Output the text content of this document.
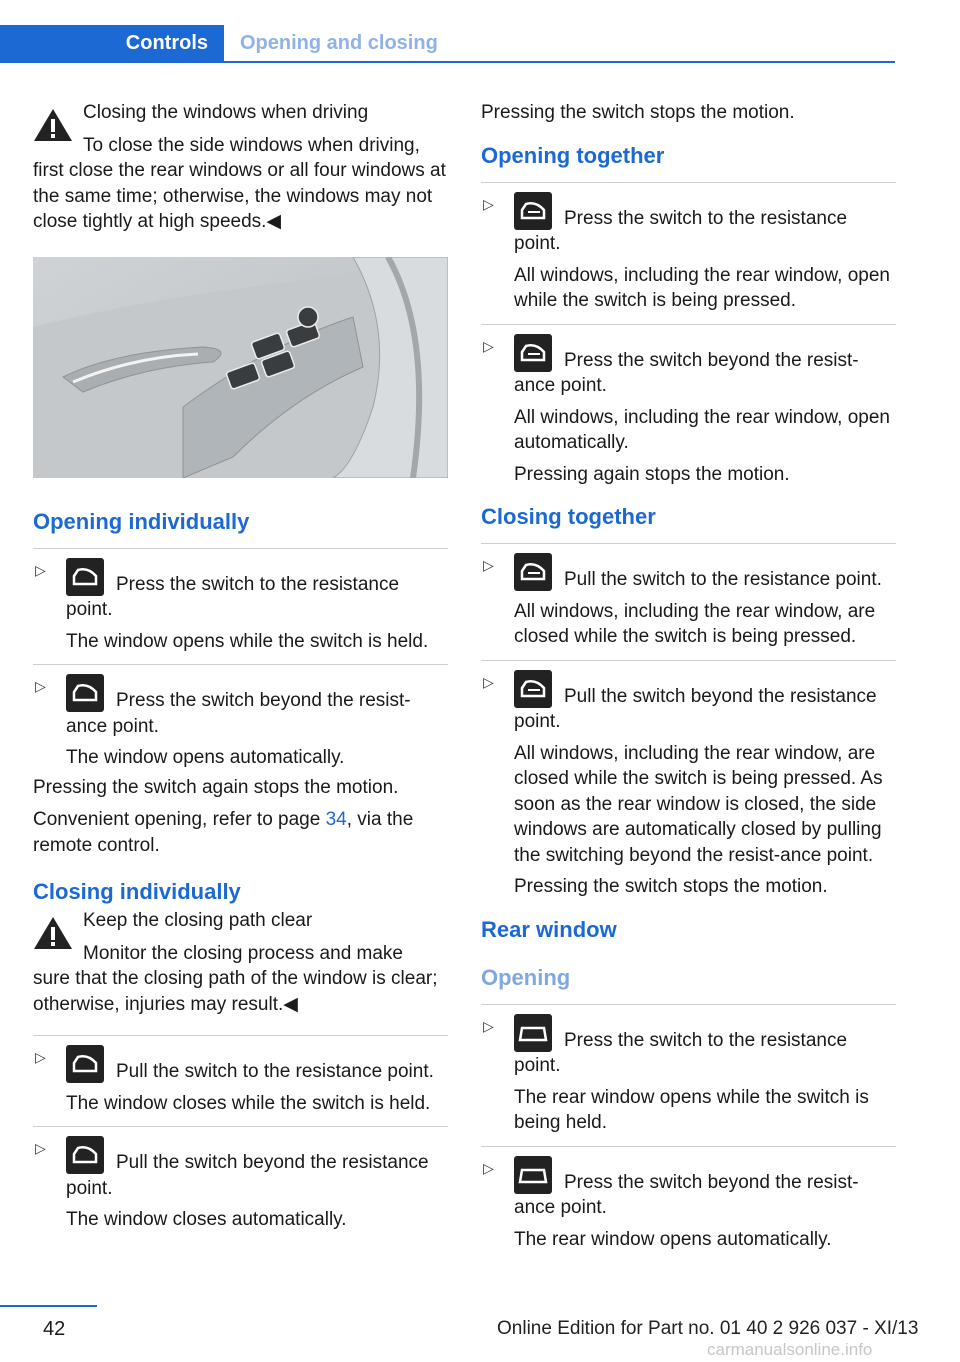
Controls	Opening and closing

Closing the windows when driving

To close the side windows when driving,

first close the rear windows or all four windows at the same time; otherwise, the windows may not close tightly at high speeds.◀

Opening individually
▷

Press the switch to the resistance point.

The window opens while the switch is held.

▷

Press the switch beyond the resist‐ance point.

The window opens automatically.

Pressing the switch again stops the motion.

Convenient opening, refer to page 34, via the remote control.

Closing individually

Keep the closing path clear

Monitor the closing process and make

sure that the closing path of the window is clear; otherwise, injuries may result.◀

▷

Pull the switch to the resistance point.

The window closes while the switch is held.

▷

Pull the switch beyond the resistance point.

The window closes automatically.

Pressing the switch stops the motion.

Opening together
▷

Press the switch to the resistance point.

All windows, including the rear window, open while the switch is being pressed.

▷

Press the switch beyond the resist‐ance point.

All windows, including the rear window, open automatically.

Pressing again stops the motion.

Closing together
▷

Pull the switch to the resistance point.

All windows, including the rear window, are closed while the switch is being pressed.

▷

Pull the switch beyond the resistance point.

All windows, including the rear window, are closed while the switch is being pressed. As soon as the rear window is closed, the side windows are automatically closed by pulling the switching beyond the resist‐ance point.

Pressing the switch stops the motion.

Rear window
Opening
▷

Press the switch to the resistance point.

The rear window opens while the switch is being held.

▷

Press the switch beyond the resist‐ance point.

The rear window opens automatically.

42	Online Edition for Part no. 01 40 2 926 037 - XI/13
carmanualsonline.info
